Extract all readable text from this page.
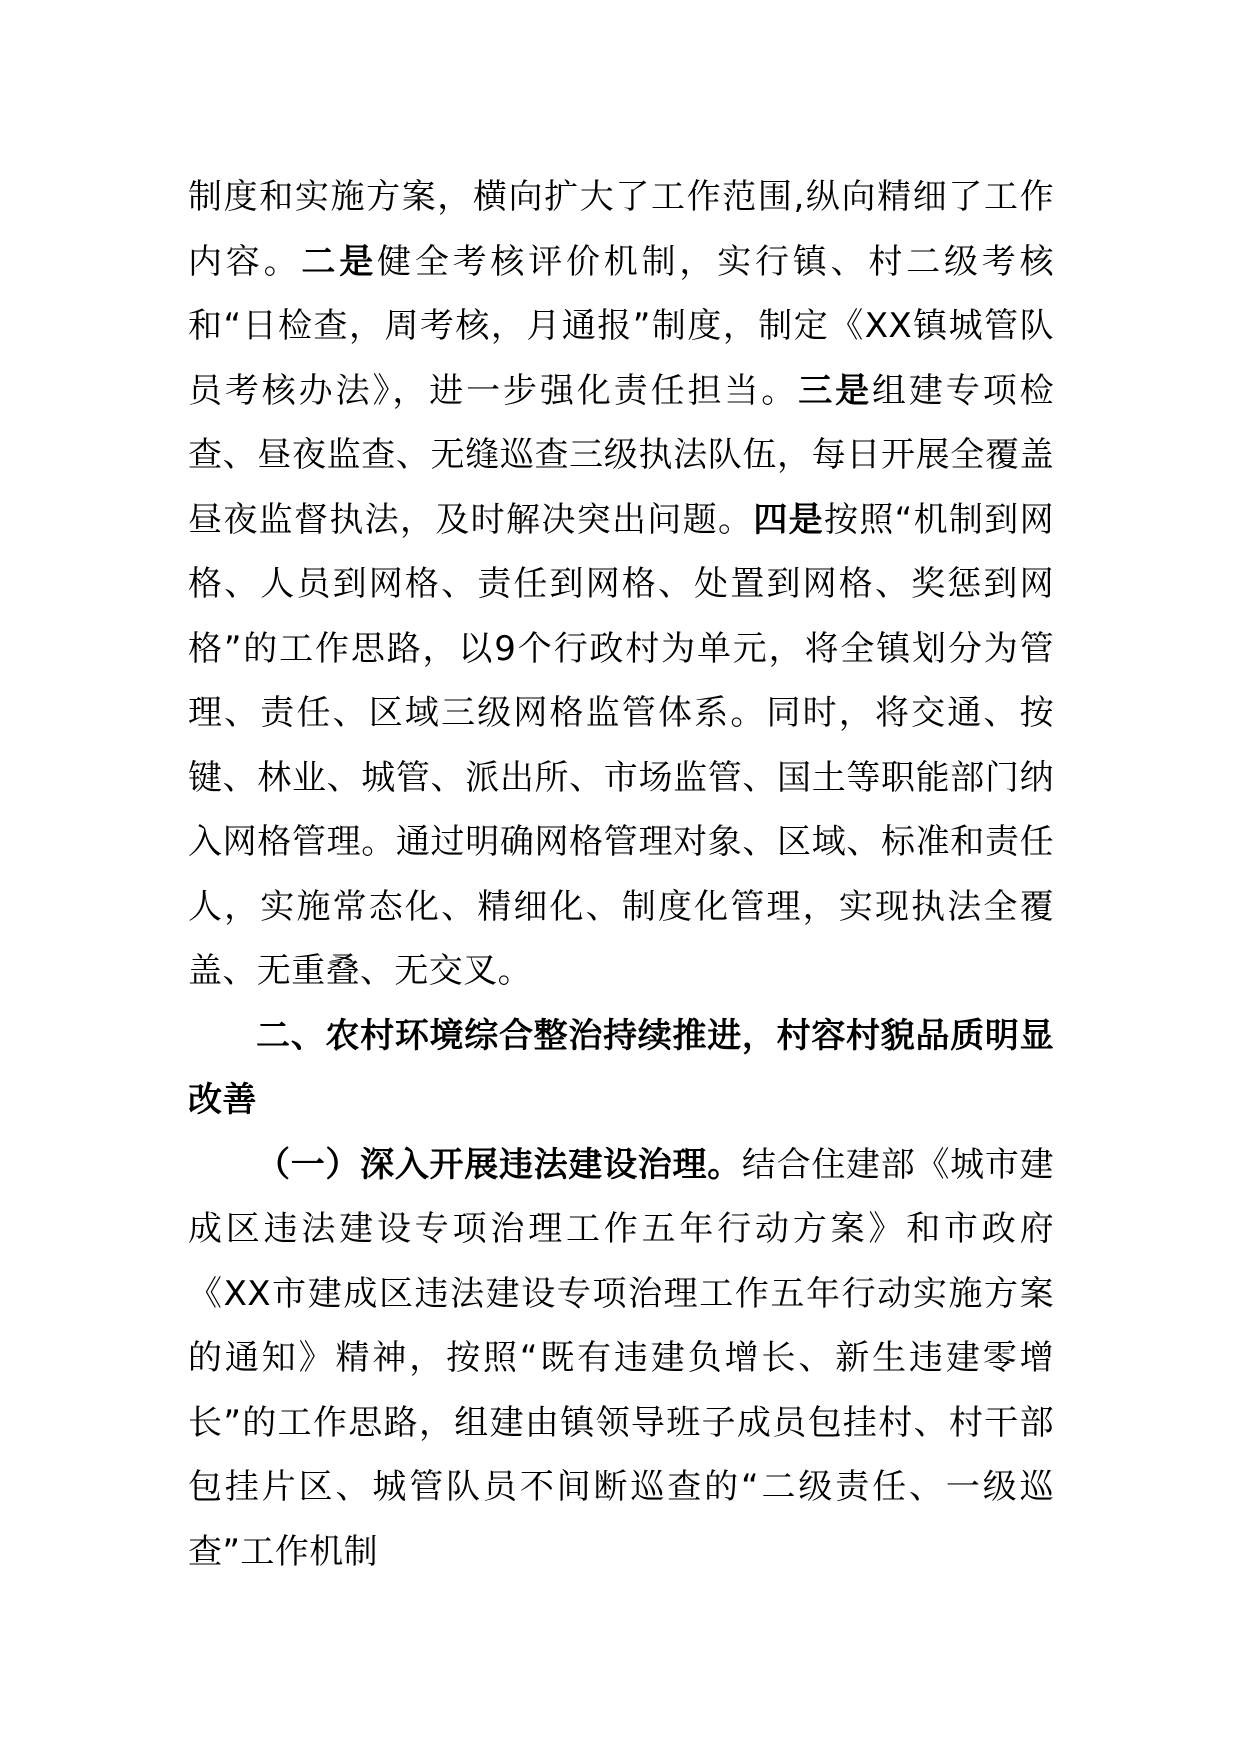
制度和实施方案，横向扩大了工作范围,纵向精细了工作内容。二是健全考核评价机制，实行镇、村二级考核和“日检查，周考核，月通报”制度，制定《XX镇城管队员考核办法》，进一步强化责任担当。三是组建专项检查、昼夜监查、无缝巡查三级执法队伍，每日开展全覆盖昼夜监督执法，及时解决突出问题。四是按照“机制到网格、人员到网格、责任到网格、处置到网格、奖惩到网格”的工作思路，以9个行政村为单元，将全镇划分为管理、责任、区域三级网格监管体系。同时，将交通、按键、林业、城管、派出所、市场监管、国土等职能部门纳入网格管理。通过明确网格管理对象、区域、标准和责任人，实施常态化、精细化、制度化管理，实现执法全覆盖、无重叠、无交叉。

二、农村环境综合整治持续推进，村容村貌品质明显改善

（一）深入开展违法建设治理。结合住建部《城市建成区违法建设专项治理工作五年行动方案》和市政府《XX市建成区违法建设专项治理工作五年行动实施方案的通知》精神，按照“既有违建负增长、新生违建零增长”的工作思路，组建由镇领导班子成员包挂村、村干部包挂片区、城管队员不间断巡查的“二级责任、一级巡查”工作机制
